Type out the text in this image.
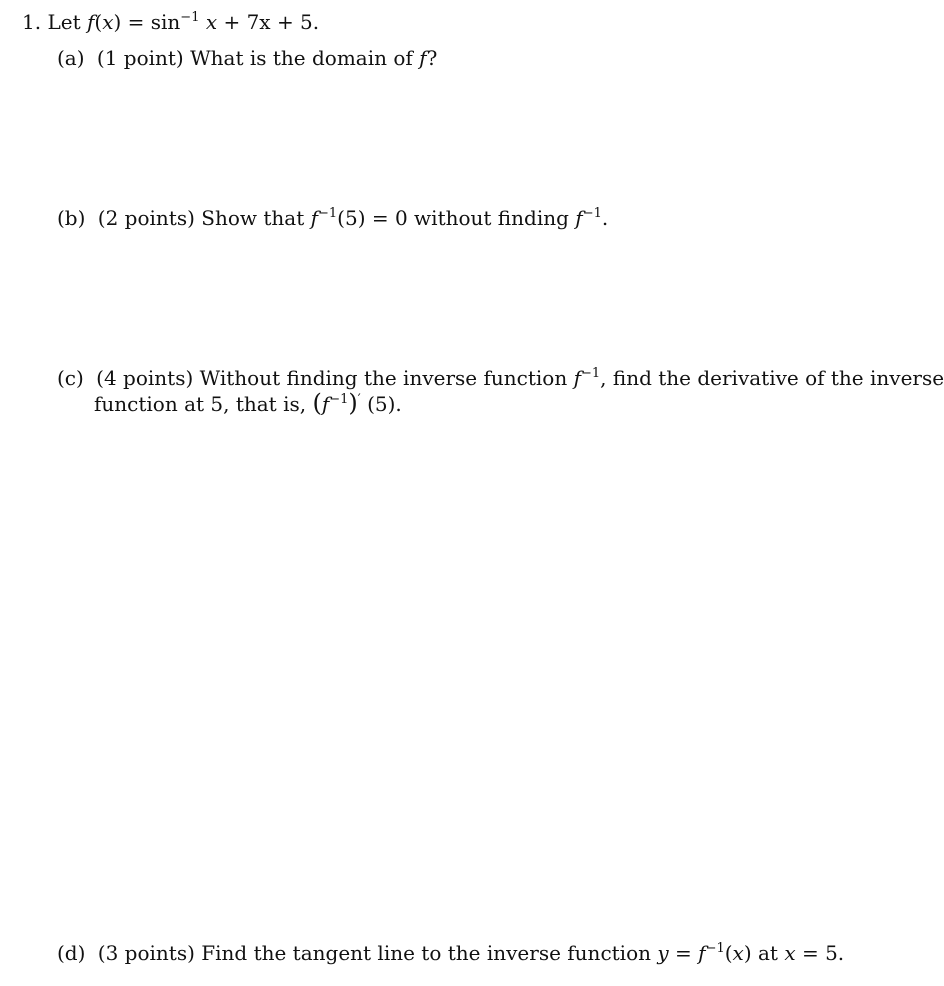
1. Let $f(x) = \sin^{-1} x + 7x + 5$.
(a) (1 point) What is the domain of f?
(b) (2 points) Show that $f^{-1}(5) = 0$ without finding $f^{-1}$.
(c) (4 points) Without finding the inverse function $f^{-1}$, find the derivative of the inverse
function at 5, that is, $(f^{-1})'$ (5).
(d) (3 points) Find the tangent line to the inverse function $y = f^{-1}(x)$ at x = 5.
